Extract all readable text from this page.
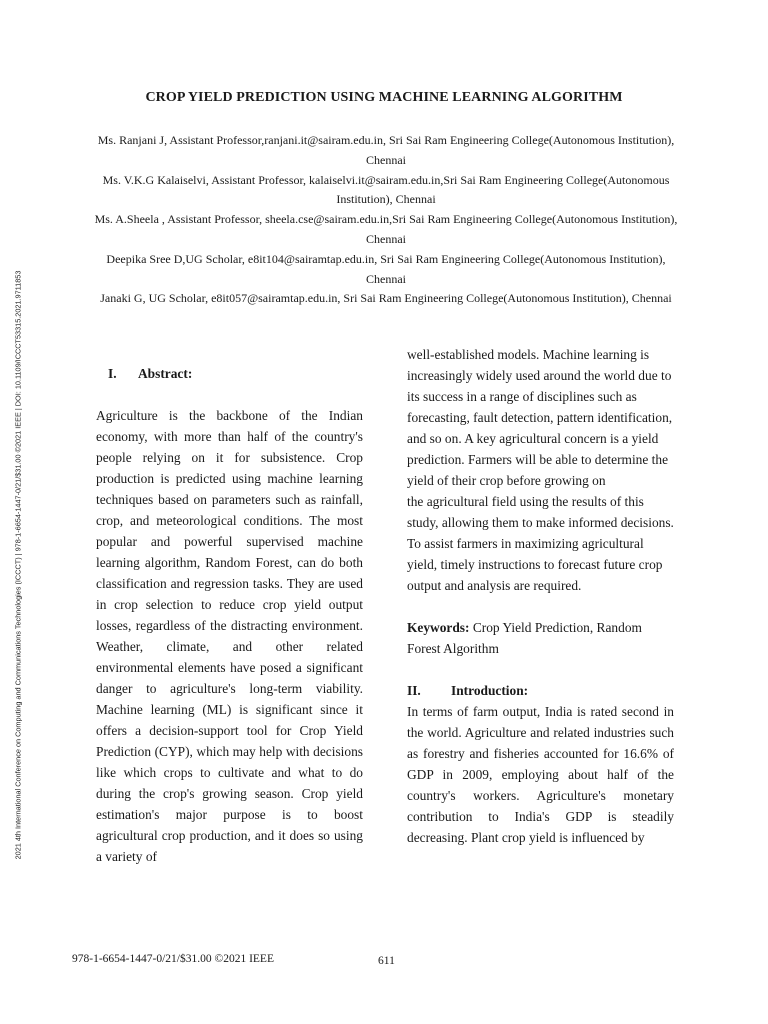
2021 4th International Conference on Computing and Communications Technologies (ICCCT) | 978-1-6654-1447-0/21/$31.00 ©2021 IEEE | DOI: 10.1109/ICCCT53315.2021.9711853
CROP YIELD PREDICTION USING MACHINE LEARNING ALGORITHM

Ms. Ranjani J, Assistant Professor,ranjani.it@sairam.edu.in, Sri Sai Ram Engineering College(Autonomous Institution), Chennai

Ms. V.K.G Kalaiselvi, Assistant Professor, kalaiselvi.it@sairam.edu.in,Sri Sai Ram Engineering College(Autonomous Institution), Chennai

Ms. A.Sheela , Assistant Professor, sheela.cse@sairam.edu.in,Sri Sai Ram Engineering College(Autonomous Institution), Chennai

Deepika Sree D,UG Scholar, e8it104@sairamtap.edu.in, Sri Sai Ram Engineering College(Autonomous Institution), Chennai

Janaki G, UG Scholar, e8it057@sairamtap.edu.in, Sri Sai Ram Engineering College(Autonomous Institution), Chennai

I. Abstract:

Agriculture is the backbone of the Indian economy, with more than half of the country's people relying on it for subsistence. Crop production is predicted using machine learning techniques based on parameters such as rainfall, crop, and meteorological conditions. The most popular and powerful supervised machine learning algorithm, Random Forest, can do both classification and regression tasks. They are used in crop selection to reduce crop yield output losses, regardless of the distracting environment. Weather, climate, and other related environmental elements have posed a significant danger to agriculture's long-term viability. Machine learning (ML) is significant since it offers a decision-support tool for Crop Yield Prediction (CYP), which may help with decisions like which crops to cultivate and what to do during the crop's growing season. Crop yield estimation's major purpose is to boost agricultural crop production, and it does so using a variety of

well-established models. Machine learning is increasingly widely used around the world due to its success in a range of disciplines such as forecasting, fault detection, pattern identification, and so on. A key agricultural concern is a yield prediction. Farmers will be able to determine the yield of their crop before growing on

the agricultural field using the results of this study, allowing them to make informed decisions. To assist farmers in maximizing agricultural yield, timely instructions to forecast future crop output and analysis are required.

Keywords: Crop Yield Prediction, Random Forest Algorithm

II. Introduction:

In terms of farm output, India is rated second in the world. Agriculture and related industries such as forestry and fisheries accounted for 16.6% of GDP in 2009, employing about half of the country's workers. Agriculture's monetary contribution to India's GDP is steadily decreasing. Plant crop yield is influenced by

978-1-6654-1447-0/21/$31.00 ©2021 IEEE	611
